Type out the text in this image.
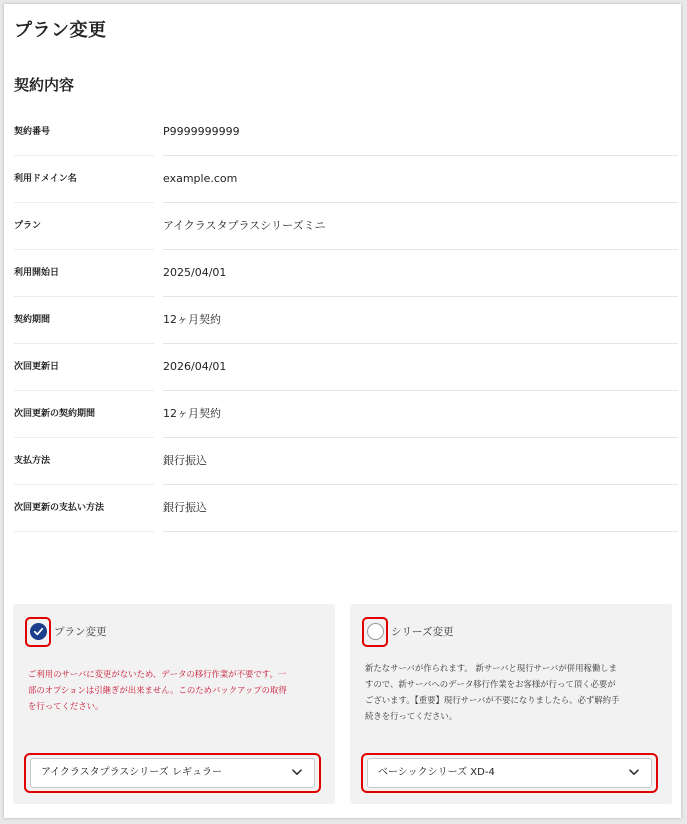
プラン変更
契約内容
契約番号	P9999999999
利用ドメイン名	example.com
プラン	アイクラスタプラスシリーズミニ
利用開始日	2025/04/01
契約期間	12ヶ月契約
次回更新日	2026/04/01
次回更新の契約期間	12ヶ月契約
支払方法	銀行振込
次回更新の支払い方法	銀行振込
プラン変更
ご利用のサーバに変更がないため、データの移行作業が不要です。一
部のオプションは引継ぎが出来ません。このためバックアップの取得
を行ってください。
アイクラスタプラスシリーズ レギュラー
シリーズ変更
新たなサーバが作られます。 新サーバと現行サーバが併用稼働しま
すので、新サーバへのデータ移行作業をお客様が行って頂く必要が
ございます。【重要】現行サーバが不要になりましたら、必ず解約手
続きを行ってください。
ベーシックシリーズ XD-4
